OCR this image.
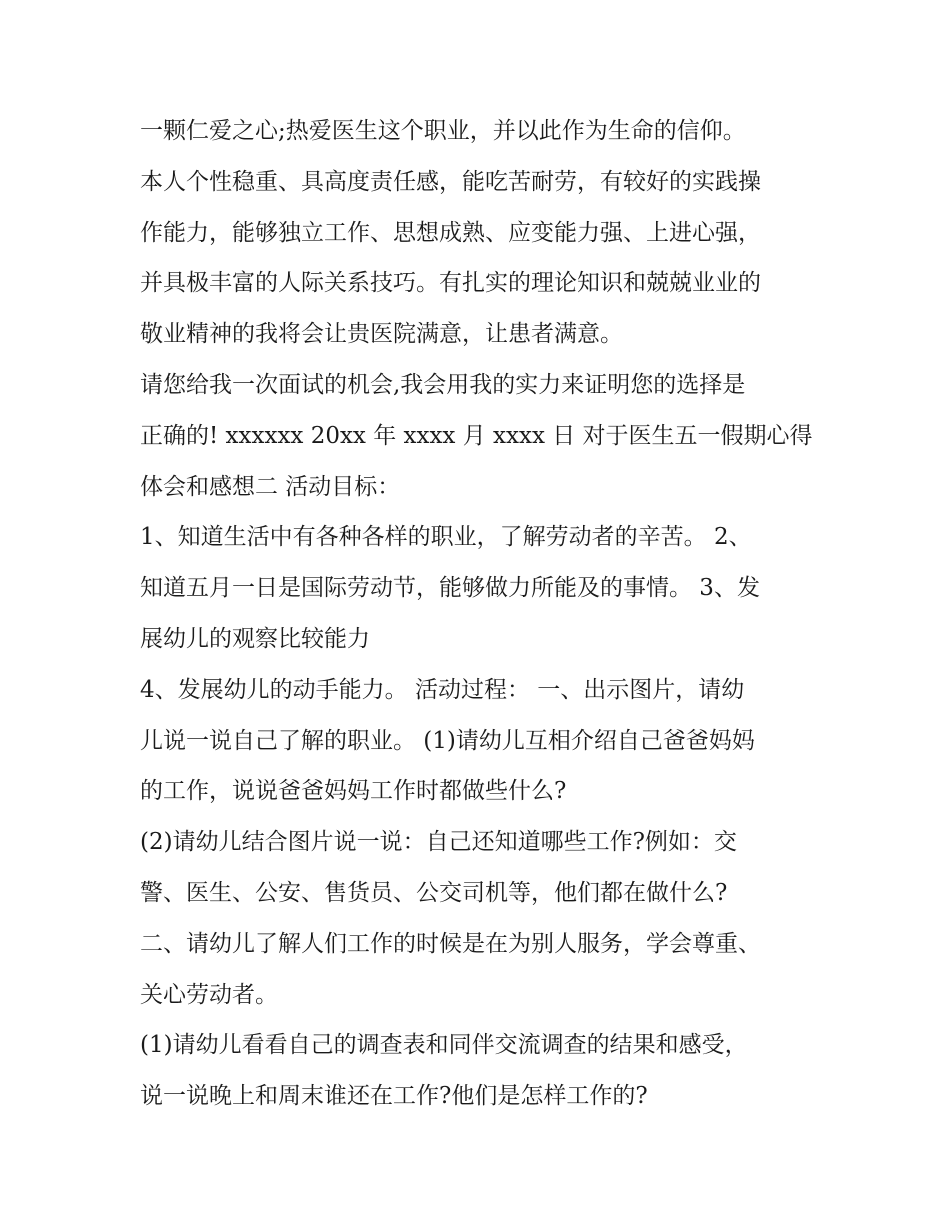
一颗仁爱之心;热爱医生这个职业，并以此作为生命的信仰。
本人个性稳重、具高度责任感，能吃苦耐劳，有较好的实践操
作能力，能够独立工作、思想成熟、应变能力强、上进心强，
并具极丰富的人际关系技巧。有扎实的理论知识和兢兢业业的
敬业精神的我将会让贵医院满意，让患者满意。
请您给我一次面试的机会,我会用我的实力来证明您的选择是
正确的! xxxxxx 20xx 年 xxxx 月 xxxx 日 对于医生五一假期心得
体会和感想二 活动目标：
1、知道生活中有各种各样的职业，了解劳动者的辛苦。 2、
知道五月一日是国际劳动节，能够做力所能及的事情。 3、发
展幼儿的观察比较能力
4、发展幼儿的动手能力。 活动过程： 一、出示图片，请幼
儿说一说自己了解的职业。 (1)请幼儿互相介绍自己爸爸妈妈
的工作，说说爸爸妈妈工作时都做些什么?
(2)请幼儿结合图片说一说：自己还知道哪些工作?例如：交
警、医生、公安、售货员、公交司机等，他们都在做什么?
二、请幼儿了解人们工作的时候是在为别人服务，学会尊重、
关心劳动者。
(1)请幼儿看看自己的调查表和同伴交流调查的结果和感受，
说一说晚上和周末谁还在工作?他们是怎样工作的?
